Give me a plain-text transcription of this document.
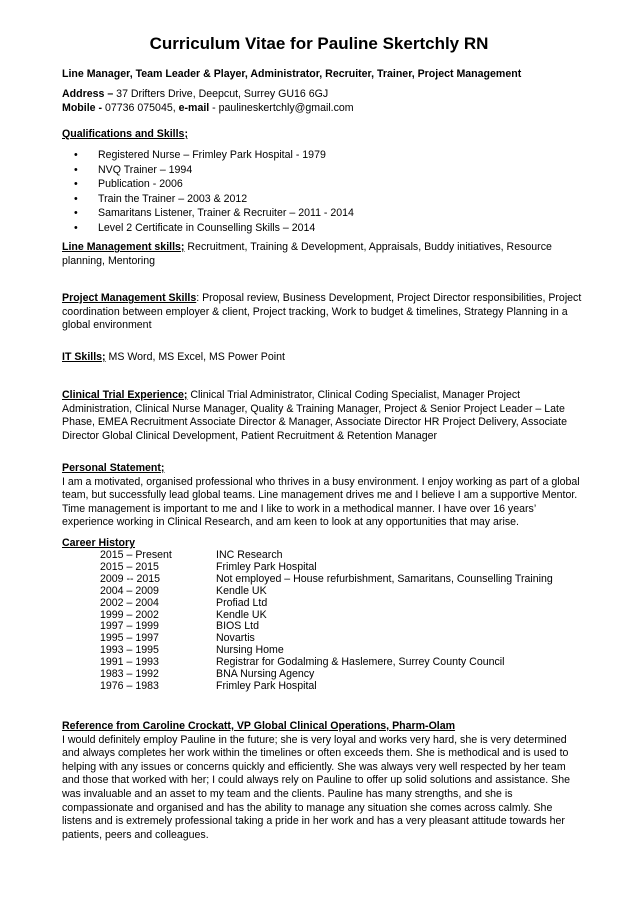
Curriculum Vitae for Pauline Skertchly RN
Line Manager, Team Leader & Player, Administrator, Recruiter, Trainer, Project Management
Address – 37 Drifters Drive, Deepcut, Surrey GU16 6GJ
Mobile - 07736 075045, e-mail - paulineskertchly@gmail.com
Qualifications and Skills;
• Registered Nurse – Frimley Park Hospital - 1979
• NVQ Trainer – 1994
• Publication - 2006
• Train the Trainer – 2003 & 2012
• Samaritans Listener, Trainer & Recruiter – 2011 - 2014
• Level 2 Certificate in Counselling Skills – 2014
Line Management skills; Recruitment, Training & Development, Appraisals, Buddy initiatives, Resource planning, Mentoring
Project Management Skills: Proposal review, Business Development, Project Director responsibilities, Project coordination between employer & client, Project tracking, Work to budget & timelines, Strategy Planning in a global environment
IT Skills; MS Word, MS Excel, MS Power Point
Clinical Trial Experience; Clinical Trial Administrator, Clinical Coding Specialist, Manager Project Administration, Clinical Nurse Manager, Quality & Training Manager, Project & Senior Project Leader – Late Phase, EMEA Recruitment Associate Director & Manager, Associate Director HR Project Delivery, Associate Director Global Clinical Development, Patient Recruitment & Retention Manager
Personal Statement;
I am a motivated, organised professional who thrives in a busy environment. I enjoy working as part of a global team, but successfully lead global teams. Line management drives me and I believe I am a supportive Mentor. Time management is important to me and I like to work in a methodical manner. I have over 16 years’ experience working in Clinical Research, and am keen to look at any opportunities that may arise.
Career History
2015 – Present	INC Research
2015 – 2015	Frimley Park Hospital
2009 -- 2015	Not employed – House refurbishment, Samaritans, Counselling Training
2004 – 2009	Kendle UK
2002 – 2004	Profiad Ltd
1999 – 2002	Kendle UK
1997 – 1999	BIOS Ltd
1995 – 1997	Novartis
1993 – 1995	Nursing Home
1991 – 1993	Registrar for Godalming & Haslemere, Surrey County Council
1983 – 1992	BNA Nursing Agency
1976 – 1983	Frimley Park Hospital
Reference from Caroline Crockatt, VP Global Clinical Operations, Pharm-Olam
I would definitely employ Pauline in the future; she is very loyal and works very hard, she is very determined and always completes her work within the timelines or often exceeds them. She is methodical and is used to helping with any issues or concerns quickly and efficiently. She was always very well respected by her team and those that worked with her; I could always rely on Pauline to offer up solid solutions and assistance. She was invaluable and an asset to my team and the clients. Pauline has many strengths, and she is compassionate and organised and has the ability to manage any situation she comes across calmly. She listens and is extremely professional taking a pride in her work and has a very pleasant attitude towards her patients, peers and colleagues.
